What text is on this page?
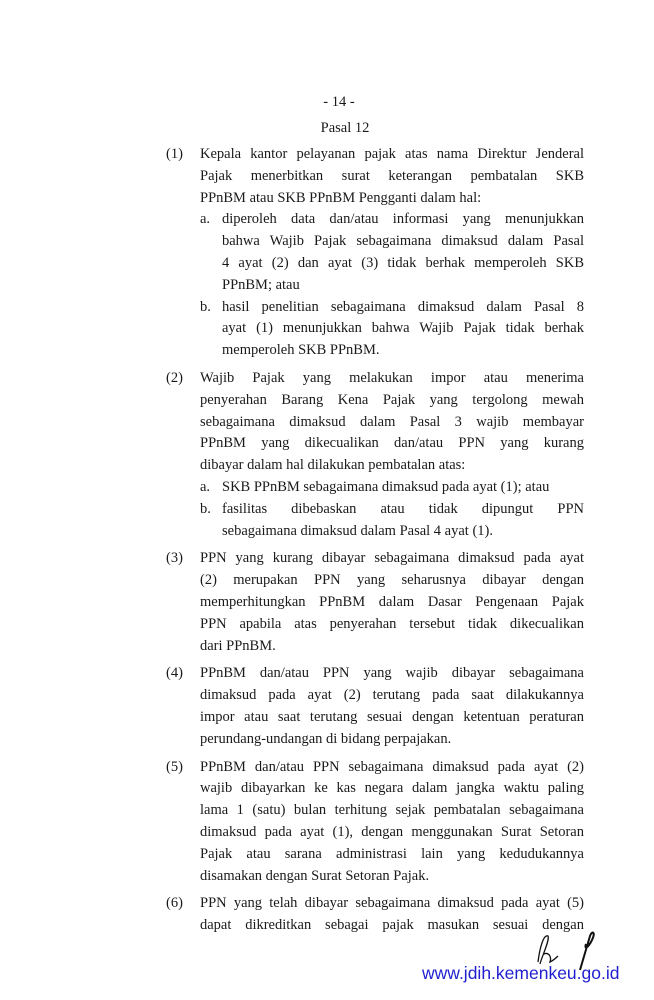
- 14 -
Pasal 12
(1) Kepala kantor pelayanan pajak atas nama Direktur Jenderal
Pajak menerbitkan surat keterangan pembatalan SKB
PPnBM atau SKB PPnBM Pengganti dalam hal:
a. diperoleh data dan/atau informasi yang menunjukkan
bahwa Wajib Pajak sebagaimana dimaksud dalam Pasal
4 ayat (2) dan ayat (3) tidak berhak memperoleh SKB
PPnBM; atau
b. hasil penelitian sebagaimana dimaksud dalam Pasal 8
ayat (1) menunjukkan bahwa Wajib Pajak tidak berhak
memperoleh SKB PPnBM.
(2) Wajib Pajak yang melakukan impor atau menerima
penyerahan Barang Kena Pajak yang tergolong mewah
sebagaimana dimaksud dalam Pasal 3 wajib membayar
PPnBM yang dikecualikan dan/atau PPN yang kurang
dibayar dalam hal dilakukan pembatalan atas:
a. SKB PPnBM sebagaimana dimaksud pada ayat (1); atau
b. fasilitas dibebaskan atau tidak dipungut PPN
sebagaimana dimaksud dalam Pasal 4 ayat (1).
(3) PPN yang kurang dibayar sebagaimana dimaksud pada ayat
(2) merupakan PPN yang seharusnya dibayar dengan
memperhitungkan PPnBM dalam Dasar Pengenaan Pajak
PPN apabila atas penyerahan tersebut tidak dikecualikan
dari PPnBM.
(4) PPnBM dan/atau PPN yang wajib dibayar sebagaimana
dimaksud pada ayat (2) terutang pada saat dilakukannya
impor atau saat terutang sesuai dengan ketentuan peraturan
perundang-undangan di bidang perpajakan.
(5) PPnBM dan/atau PPN sebagaimana dimaksud pada ayat (2)
wajib dibayarkan ke kas negara dalam jangka waktu paling
lama 1 (satu) bulan terhitung sejak pembatalan sebagaimana
dimaksud pada ayat (1), dengan menggunakan Surat Setoran
Pajak atau sarana administrasi lain yang kedudukannya
disamakan dengan Surat Setoran Pajak.
(6) PPN yang telah dibayar sebagaimana dimaksud pada ayat (5)
dapat dikreditkan sebagai pajak masukan sesuai dengan
www.jdih.kemenkeu.go.id
